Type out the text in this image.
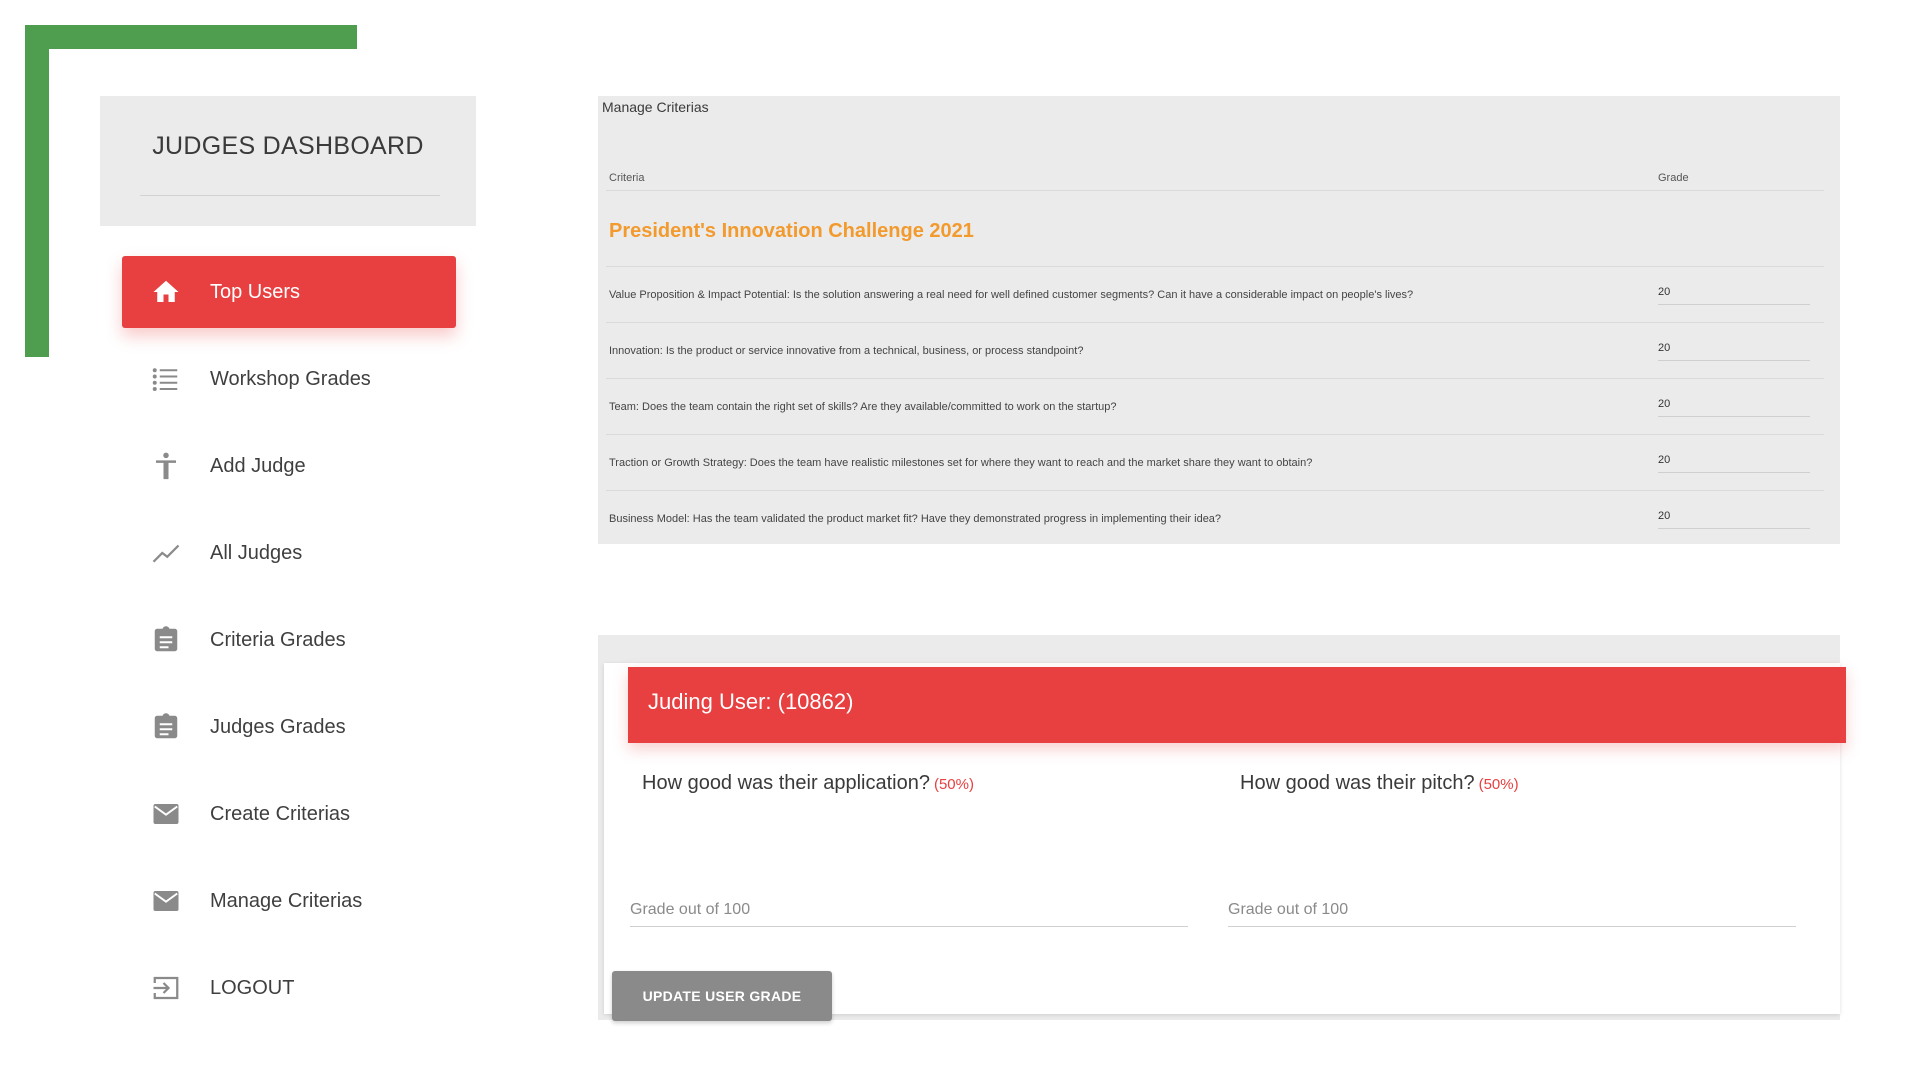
JUDGES DASHBOARD
Top Users
Workshop Grades
Add Judge
All Judges
Criteria Grades
Judges Grades
Create Criterias
Manage Criterias
LOGOUT
Manage Criterias
Criteria	Grade
President's Innovation Challenge 2021
Value Proposition & Impact Potential: Is the solution answering a real need for well defined customer segments? Can it have a considerable impact on people's lives?	20
Innovation: Is the product or service innovative from a technical, business, or process standpoint?	20
Team: Does the team contain the right set of skills? Are they available/committed to work on the startup?	20
Traction or Growth Strategy: Does the team have realistic milestones set for where they want to reach and the market share they want to obtain?	20
Business Model: Has the team validated the product market fit? Have they demonstrated progress in implementing their idea?	20
Juding User: (10862)
How good was their application? (50%)	How good was their pitch? (50%)
Grade out of 100
Grade out of 100
UPDATE USER GRADE
